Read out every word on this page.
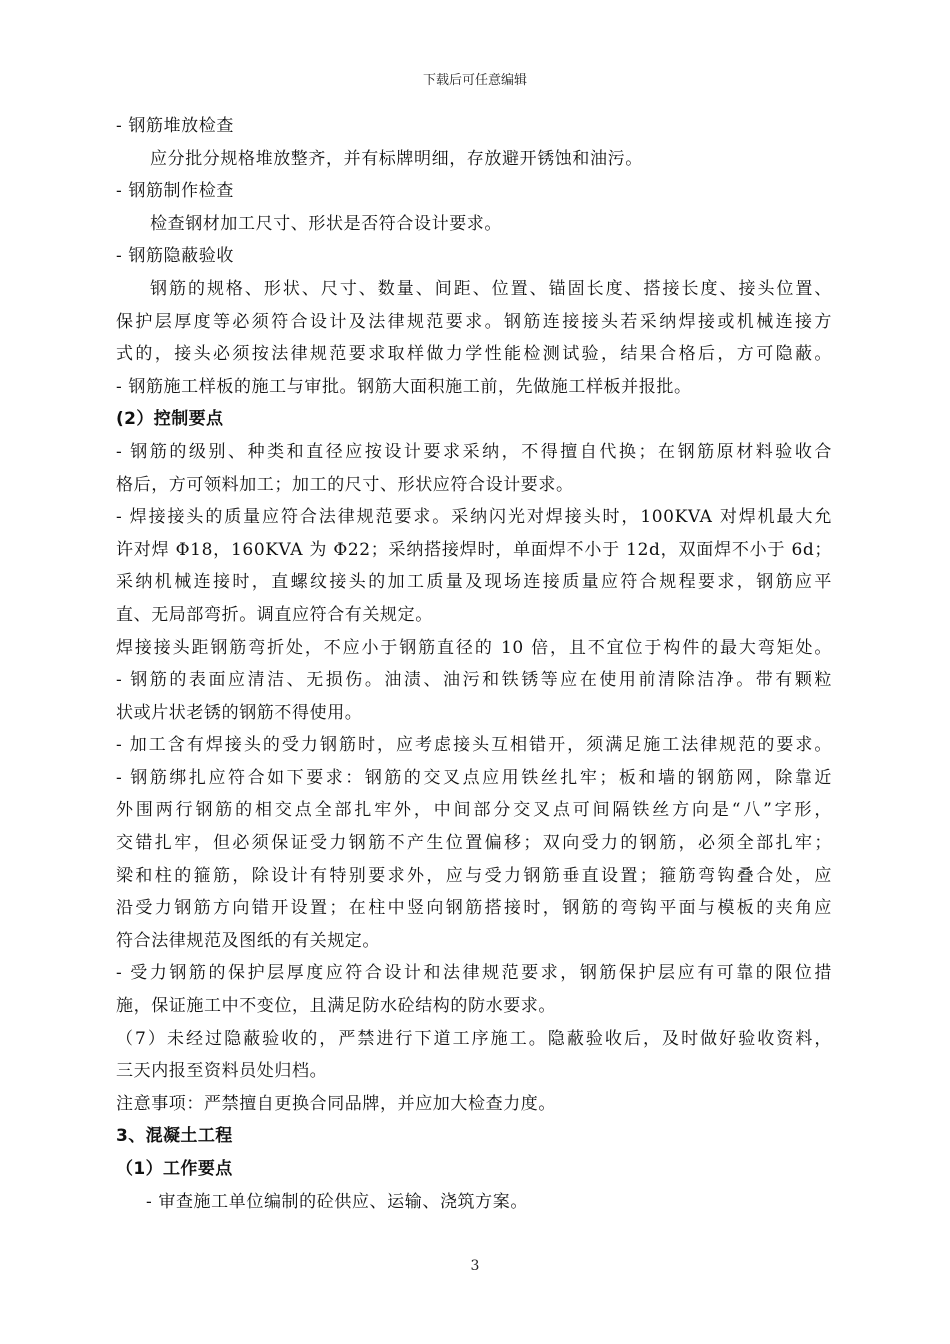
下载后可任意编辑
- 钢筋堆放检查
应分批分规格堆放整齐，并有标牌明细，存放避开锈蚀和油污。
- 钢筋制作检查
检查钢材加工尺寸、形状是否符合设计要求。
- 钢筋隐蔽验收
钢筋的规格、形状、尺寸、数量、间距、位置、锚固长度、搭接长度、接头位置、
保护层厚度等必须符合设计及法律规范要求。钢筋连接接头若采纳焊接或机械连接方
式的，接头必须按法律规范要求取样做力学性能检测试验，结果合格后，方可隐蔽。
- 钢筋施工样板的施工与审批。钢筋大面积施工前，先做施工样板并报批。
(2）控制要点
- 钢筋的级别、种类和直径应按设计要求采纳，不得擅自代换；在钢筋原材料验收合
格后，方可领料加工；加工的尺寸、形状应符合设计要求。
- 焊接接头的质量应符合法律规范要求。采纳闪光对焊接头时，100KVA 对焊机最大允
许对焊 Φ18，160KVA 为 Φ22；采纳搭接焊时，单面焊不小于 12d，双面焊不小于 6d；
采纳机械连接时，直螺纹接头的加工质量及现场连接质量应符合规程要求，钢筋应平
直、无局部弯折。调直应符合有关规定。
焊接接头距钢筋弯折处，不应小于钢筋直径的 10 倍，且不宜位于构件的最大弯矩处。
- 钢筋的表面应清洁、无损伤。油渍、油污和铁锈等应在使用前清除洁净。带有颗粒
状或片状老锈的钢筋不得使用。
- 加工含有焊接头的受力钢筋时，应考虑接头互相错开，须满足施工法律规范的要求。
- 钢筋绑扎应符合如下要求：钢筋的交叉点应用铁丝扎牢；板和墙的钢筋网，除靠近
外围两行钢筋的相交点全部扎牢外，中间部分交叉点可间隔铁丝方向是“八”字形，
交错扎牢，但必须保证受力钢筋不产生位置偏移；双向受力的钢筋，必须全部扎牢；
梁和柱的箍筋，除设计有特别要求外，应与受力钢筋垂直设置；箍筋弯钩叠合处，应
沿受力钢筋方向错开设置；在柱中竖向钢筋搭接时，钢筋的弯钩平面与模板的夹角应
符合法律规范及图纸的有关规定。
- 受力钢筋的保护层厚度应符合设计和法律规范要求，钢筋保护层应有可靠的限位措
施，保证施工中不变位，且满足防水砼结构的防水要求。
（7）未经过隐蔽验收的，严禁进行下道工序施工。隐蔽验收后，及时做好验收资料，
三天内报至资料员处归档。
注意事项：严禁擅自更换合同品牌，并应加大检查力度。
3、混凝土工程
（1）工作要点
- 审查施工单位编制的砼供应、运输、浇筑方案。
3
